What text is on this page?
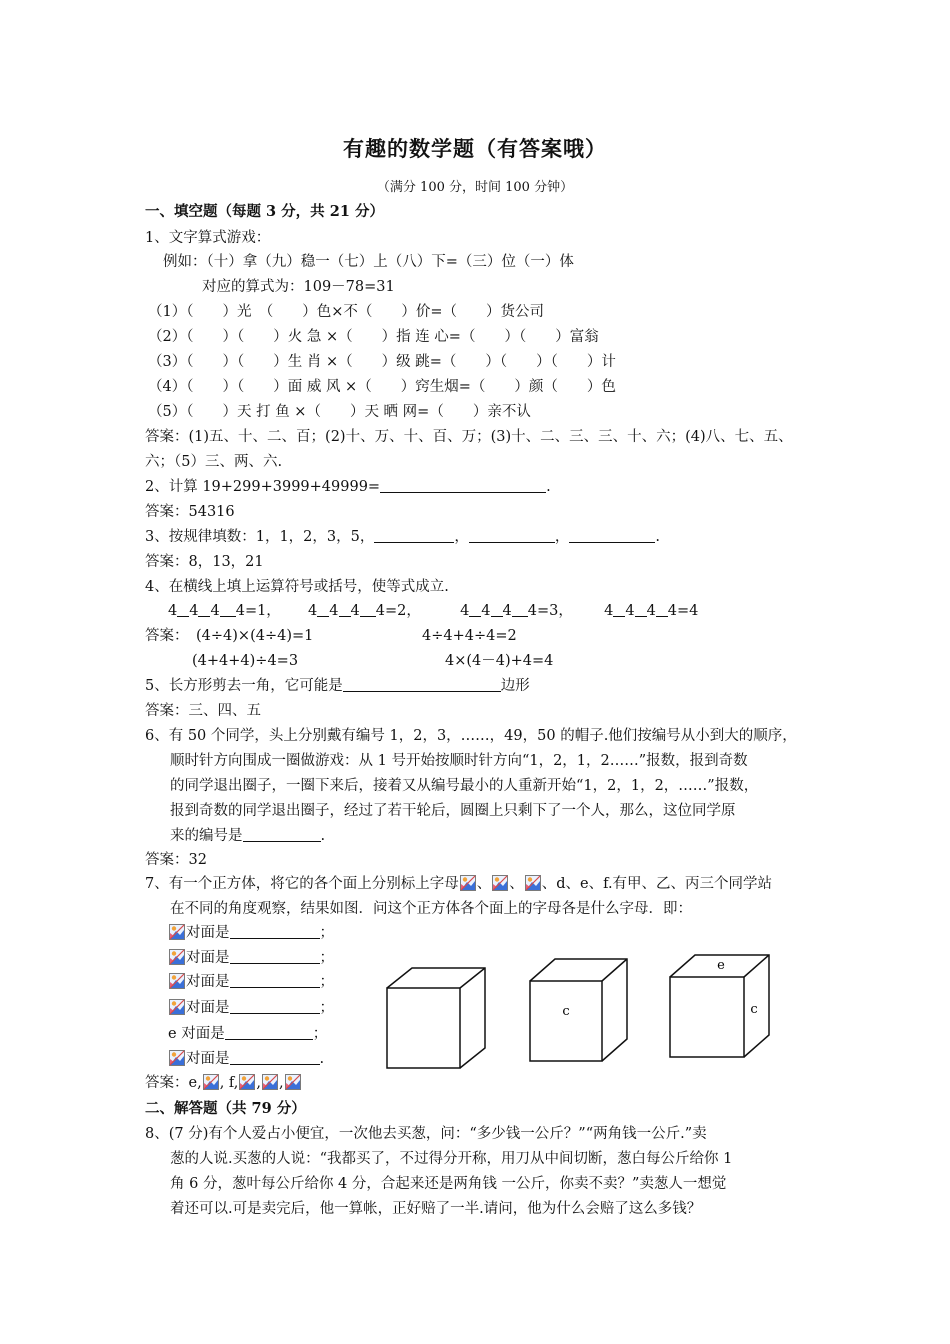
有趣的数学题（有答案哦）
（满分 100 分，时间 100 分钟）
一、填空题（每题 3 分，共 21 分）
1、文字算式游戏：
例如：（十）拿（九）稳一（七）上（八）下=（三）位（一）体
对应的算式为：109－78=31
（1）（　　）光　（　　）色×不（　　）价=（　　）货公司
（2）（　　）（　　）火 急 ×（　　）指 连 心=（　　）（　　）富翁
（3）（　　）（　　）生 肖 ×（　　）级 跳=（　　）（　　）（　　）计
（4）（　　）（　　）面 威 风 ×（　　）窍生烟=（　　）颜（　　）色
（5）（　　）天 打 鱼 ×（　　）天 晒 网=（　　）亲不认
答案：(1)五、十、二、百；(2)十、万、十、百、万；(3)十、二、三、三、十、六；(4)八、七、五、
六；（5）三、两、六.
2、计算 19+299+3999+49999=	.
答案：54316
3、按规律填数：1，1，2，3，5，	，	，	.
答案：8，13，21
4、在横线上填上运算符号或括号，使等式成立.
4 4 4 4=1， 4 4 4 4=2，	4 4 4 4=3， 4 4 4 4=4
答案： (4÷4)×(4÷4)=1	4÷4+4÷4=2
(4+4+4)÷4=3	4×(4－4)+4=4
5、长方形剪去一角，它可能是	边形
答案：三、四、五
6、有 50 个同学，头上分别戴有编号 1，2，3，……，49，50 的帽子.他们按编号从小到大的顺序，
顺时针方向围成一圈做游戏：从 1 号开始按顺时针方向“1，2，1，2……”报数，报到奇数
的同学退出圈子，一圈下来后，接着又从编号最小的人重新开始“1，2，1，2，……”报数，
报到奇数的同学退出圈子，经过了若干轮后，圆圈上只剩下了一个人，那么，这位同学原
来的编号是	.
答案：32
7、有一个正方体，将它的各个面上分别标上字母 、 、 、d、e、f.有甲、乙、丙三个同学站
在不同的角度观察，结果如图．问这个正方体各个面上的字母各是什么字母．即：
对面是	；
对面是	；
对面是	；
对面是	；
e 对面是	；
对面是	.
答案：e, , f, , ,
c
e
c
二、解答题（共 79 分）
8、(7 分)有个人爱占小便宜，一次他去买葱，问：“多少钱一公斤？”“两角钱一公斤.”卖
葱的人说.买葱的人说：“我都买了，不过得分开称，用刀从中间切断，葱白每公斤给你 1
角 6 分，葱叶每公斤给你 4 分，合起来还是两角钱 一公斤，你卖不卖？”卖葱人一想觉
着还可以.可是卖完后，他一算帐，正好赔了一半.请问，他为什么会赔了这么多钱？
